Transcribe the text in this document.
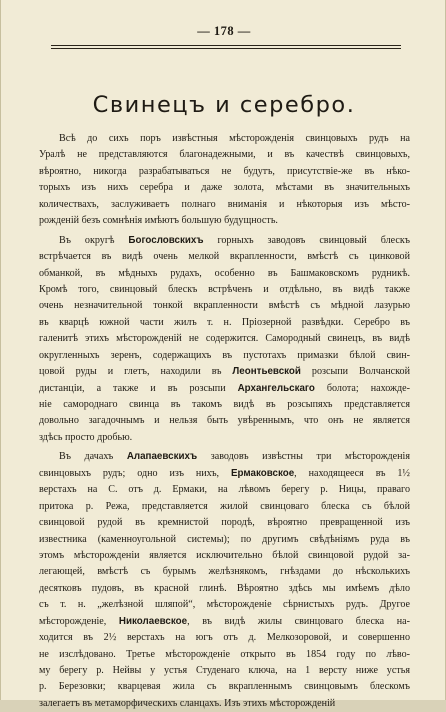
— 178 —
Свинецъ и серебро.
Всѣ до сихъ поръ извѣстныя мѣсторожденія свинцовыхъ рудъ на
Уралѣ не представляются благонадежными, и въ качествѣ свинцовыхъ,
вѣроятно, никогда разрабатываться не будутъ, присутствіе-же въ нѣко-
торыхъ изъ нихъ серебра и даже золота, мѣстами въ значительныхъ
количествахъ, заслуживаетъ полнаго вниманія и нѣкоторыя изъ мѣсто-
рожденій безъ сомнѣнія имѣютъ большую будущность.
Въ округѣ Богословскихъ горныхъ заводовъ свинцовый блескъ
встрѣчается въ видѣ очень мелкой вкрапленности, вмѣстѣ съ цинковой
обманкой, въ мѣдныхъ рудахъ, особенно въ Башмаковскомъ рудникѣ.
Кромѣ того, свинцовый блескъ встрѣченъ и отдѣльно, въ видѣ также
очень незначительной тонкой вкрапленности вмѣстѣ съ мѣдной лазурью
въ кварцѣ южной части жилъ т. н. Пріозерной развѣдки. Серебро въ
галенитѣ этихъ мѣсторожденій не содержится. Самородный свинецъ, въ видѣ
округленныхъ зеренъ, содержащихъ въ пустотахъ примазки бѣлой свин-
цовой руды и глетъ, находили въ Леонтьевской розсыпи Волчанской
дистанціи, а также и въ розсыпи Архангельскаго болота; нахожде-
ніе самороднаго свинца въ такомъ видѣ въ розсыпяхъ представляется
довольно загадочнымъ и нельзя быть увѣреннымъ, что онъ не является
здѣсь просто дробью.
Въ дачахъ Алапаевскихъ заводовъ извѣстны три мѣсторожденія
свинцовыхъ рудъ; одно изъ нихъ, Ермаковское, находящееся въ 1½
верстахъ на С. отъ д. Ермаки, на лѣвомъ берегу р. Ницы, праваго
притока р. Режа, представляется жилой свинцоваго блеска съ бѣлой
свинцовой рудой въ кремнистой породѣ, вѣроятно превращенной изъ
известника (каменноугольной системы); по другимъ свѣдѣніямъ руда въ
этомъ мѣсторожденіи является исключительно бѣлой свинцовой рудой за-
легающей, вмѣстѣ съ бурымъ желѣзнякомъ, гнѣздами до нѣсколькихъ
десятковъ пудовъ, въ красной глинѣ. Вѣроятно здѣсь мы имѣемъ дѣло
съ т. н. „желѣзной шляпой“, мѣсторожденіе сѣрнистыхъ рудъ. Другое
мѣсторожденіе, Николаевское, въ видѣ жилы свинцоваго блеска на-
ходится въ 2½ верстахъ на югъ отъ д. Мелкозоровой, и совершенно
не изслѣдовано. Третье мѣсторожденіе открыто въ 1854 году по лѣво-
му берегу р. Нейвы у устья Студенаго ключа, на 1 версту ниже устья
р. Березовки; кварцевая жила съ вкрапленнымъ свинцовымъ блескомъ
залегаетъ въ метаморфическихъ сланцахъ. Изъ этихъ мѣсторожденій
